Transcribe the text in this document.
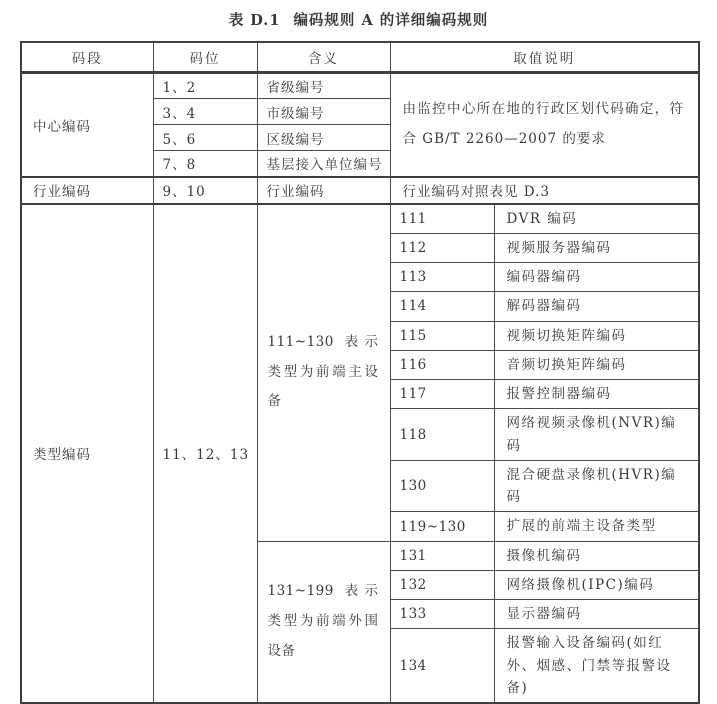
表 D.1 编码规则 A 的详细编码规则
码段	码位	含义	取值说明	
中心编码	1、2	省级编号	由监控中心所在地的行政区划代码确定，符合 GB/T 2260—2007 的要求	
	3、4	市级编号		
	5、6	区级编号		
	7、8	基层接入单位编号		
行业编码	9、10	行业编码	行业编码对照表见 D.3	
类型编码	11、12、13	111~130 表示类型为前端主设备	111	DVR 编码
			112	视频服务器编码
			113	编码器编码
			114	解码器编码
			115	视频切换矩阵编码
			116	音频切换矩阵编码
			117	报警控制器编码
			118	网络视频录像机(NVR)编码
			130	混合硬盘录像机(HVR)编码
			119~130	扩展的前端主设备类型
		131~199 表示类型为前端外围设备	131	摄像机编码
			132	网络摄像机(IPC)编码
			133	显示器编码
			134	报警输入设备编码(如红外、烟感、门禁等报警设备)
